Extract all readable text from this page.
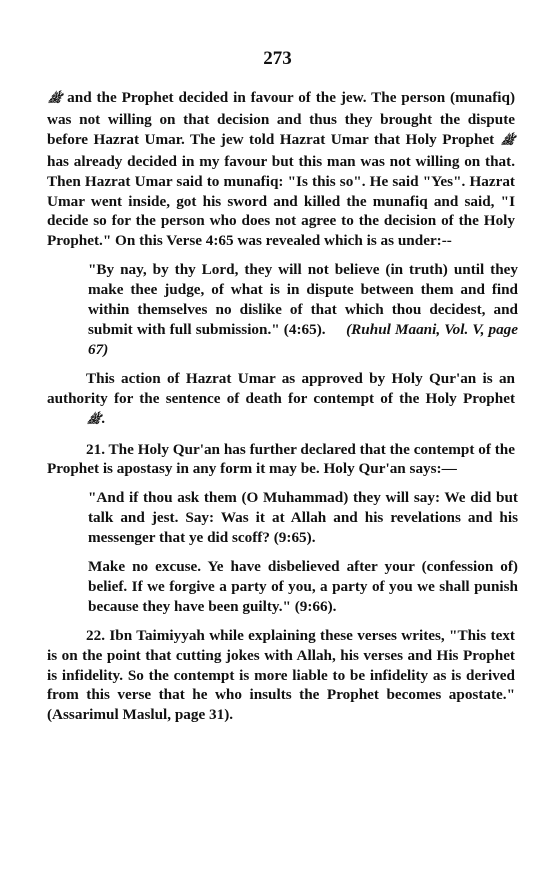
273

ﷺ and the Prophet decided in favour of the jew. The person (munafiq) was not willing on that decision and thus they brought the dispute before Hazrat Umar. The jew told Hazrat Umar that Holy Prophet ﷺ has already decided in my favour but this man was not willing on that. Then Hazrat Umar said to munafiq: "Is this so". He said "Yes". Hazrat Umar went inside, got his sword and killed the munafiq and said, "I decide so for the person who does not agree to the decision of the Holy Prophet." On this Verse 4:65 was revealed which is as under:--

"By nay, by thy Lord, they will not believe (in truth) until they make thee judge, of what is in dispute between them and find within themselves no dislike of that which thou decidest, and submit with full submission." (4:65). (Ruhul Maani, Vol. V, page 67)

This action of Hazrat Umar as approved by Holy Qur'an is an authority for the sentence of death for contempt of the Holy Prophet ﷺ.

21. The Holy Qur'an has further declared that the contempt of the Prophet is apostasy in any form it may be. Holy Qur'an says:—

"And if thou ask them (O Muhammad) they will say: We did but talk and jest. Say: Was it at Allah and his revelations and his messenger that ye did scoff? (9:65).

Make no excuse. Ye have disbelieved after your (confession of) belief. If we forgive a party of you, a party of you we shall punish because they have been guilty." (9:66).

22. Ibn Taimiyyah while explaining these verses writes, "This text is on the point that cutting jokes with Allah, his verses and His Prophet is infidelity. So the contempt is more liable to be infidelity as is derived from this verse that he who insults the Prophet becomes apostate." (Assarimul Maslul, page 31).
